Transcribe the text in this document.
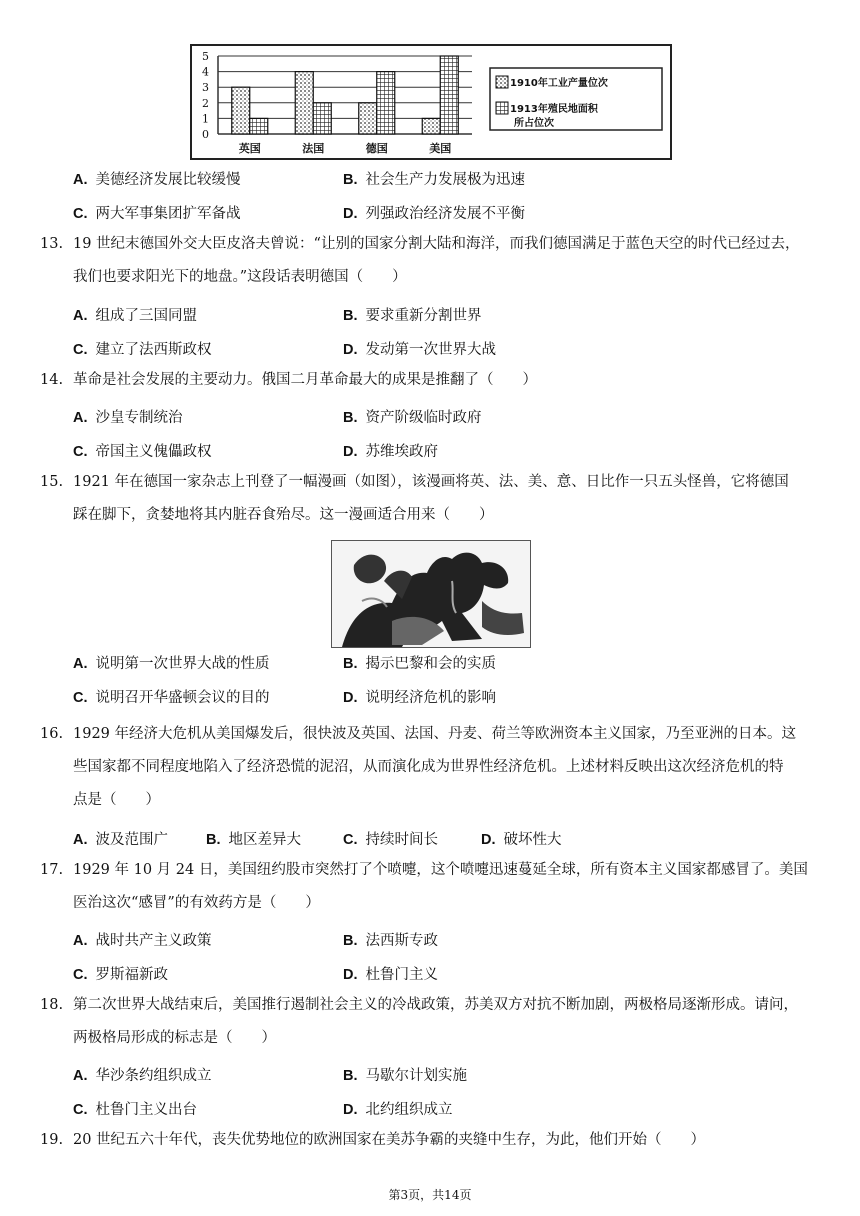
0
1
2
3
4
5
英国	法国	德国	美国
1910年工业产量位次
1913年殖民地面积
所占位次
A. 美德经济发展比较缓慢	B. 社会生产力发展极为迅速
C. 两大军事集团扩军备战	D. 列强政治经济发展不平衡
13. 19 世纪末德国外交大臣皮洛夫曾说：“让别的国家分割大陆和海洋，而我们德国满足于蓝色天空的时代已经过去，
我们也要求阳光下的地盘。”这段话表明德国（　　）
A. 组成了三国同盟	B. 要求重新分割世界
C. 建立了法西斯政权	D. 发动第一次世界大战
14. 革命是社会发展的主要动力。俄国二月革命最大的成果是推翻了（　　）
A. 沙皇专制统治	B. 资产阶级临时政府
C. 帝国主义傀儡政权	D. 苏维埃政府
15. 1921 年在德国一家杂志上刊登了一幅漫画（如图），该漫画将英、法、美、意、日比作一只五头怪兽，它将德国
踩在脚下，贪婪地将其内脏吞食殆尽。这一漫画适合用来（　　）
A. 说明第一次世界大战的性质	B. 揭示巴黎和会的实质
C. 说明召开华盛顿会议的目的	D. 说明经济危机的影响
16. 1929 年经济大危机从美国爆发后，很快波及英国、法国、丹麦、荷兰等欧洲资本主义国家，乃至亚洲的日本。这
些国家都不同程度地陷入了经济恐慌的泥沼，从而演化成为世界性经济危机。上述材料反映出这次经济危机的特
点是（　　）
A. 波及范围广	B. 地区差异大	C. 持续时间长	D. 破坏性大
17. 1929 年 10 月 24 日，美国纽约股市突然打了个喷嚏，这个喷嚏迅速蔓延全球，所有资本主义国家都感冒了。美国
医治这次“感冒”的有效药方是（　　）
A. 战时共产主义政策	B. 法西斯专政
C. 罗斯福新政	D. 杜鲁门主义
18. 第二次世界大战结束后，美国推行遏制社会主义的冷战政策，苏美双方对抗不断加剧，两极格局逐渐形成。请问，
两极格局形成的标志是（　　）
A. 华沙条约组织成立	B. 马歇尔计划实施
C. 杜鲁门主义出台	D. 北约组织成立
19. 20 世纪五六十年代，丧失优势地位的欧洲国家在美苏争霸的夹缝中生存，为此，他们开始（　　）
第3页，共14页
